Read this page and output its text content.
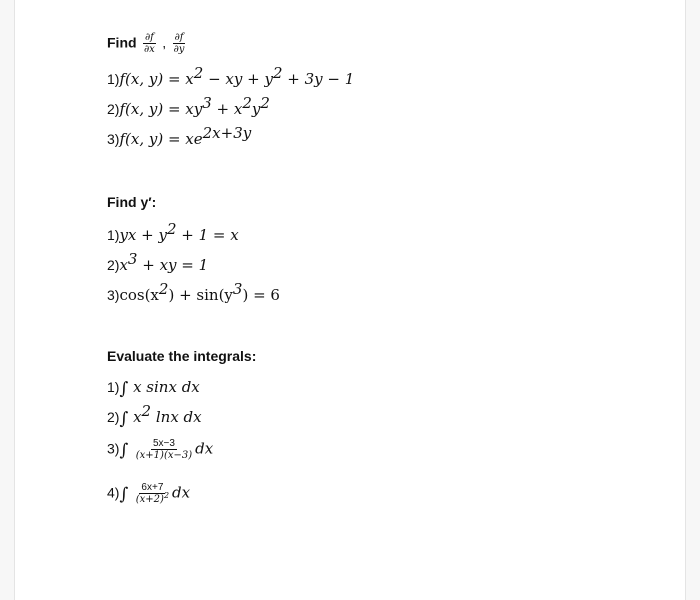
Find $\frac{\partial f}{\partial x}$ , $\frac{\partial f}{\partial y}$
1)f(x, $y) = x^2$ − xy + $y^2 + 3y - 1$
2)f(x, $y) = xy^3 + x^2y^2$
3)f(x, $y) = xe^{2x+3y}$
Find y′:
$1)yx + y^2 + 1 = x$
$2)x^3$ + xy = 1
$3)\cos(x^2) + \sin(y^3) = 6$
Evaluate the integrals:
1)∫ x sinx dx
2)∫ $x^2$ lnx dx
$3)\int \frac{5x-3}{(x+1)(x-3)}$ dx
$4)\int \frac{6x+7}{(x+2)^2}$ dx
